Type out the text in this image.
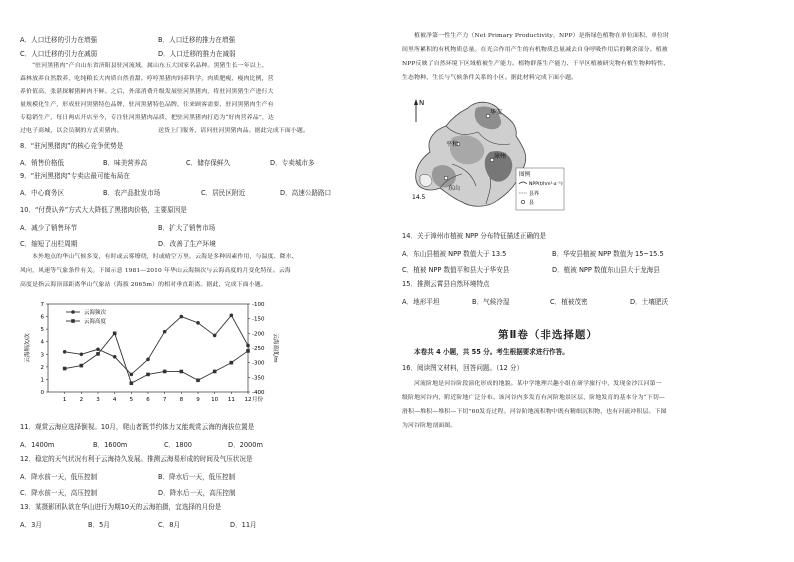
A．人口迁移的引力在增强	B．人口迁移的推力在增强
C．人口迁移的引力在减弱	D．人口迁移的推力在减弱
“驻河黑猪肉”产自山东省济阳县驻河流域，属山东五大国家名品种。黑猪生长一年以上，
森林放养自然散养，吃纯粮长大肉质自然香甜。哼哼黑猪肉饲养科学，肉质肥瘦、瘦肉比例，营
养价值高，张湛探解猪鲜肉不鲜。之后，外部消费升级发展驻河黑猪肉，将驻河黑猪生产进行大
量规模化生产，形成驻河黑猪特色品牌，驻河黑猪特色品牌，往来顾客需要，驻河黑猪肉生产有
专稳销生产，每日两店开店至今，专注驻河黑猪肉品质，把驻河黑猪肉打造为“好肉营养品”，达
过电子商城，以会员制的方式卖猪肉。	送货上门服务，请问驻河黑猪肉品。据此完成下面小题。
8．“驻河黑猪肉”的核心竞争优势是
A．销售价格低	B．味美营养高	C．储存保鲜久	D．专卖城市多
9．“驻河黑猪肉”专卖店最可能布局在
A．中心商务区	B．农产品批发市场	C．居民区附近	D．高速公路路口
10．“付费认养”方式大大降低了黑猪肉价格，主要原因是
A．减少了销售环节	B．扩大了销售市场
C．缩短了出栏周期	D．改善了生产环境
本外地点的华山气候多变，有时或云雾缭绕，时或晴空万里。云海是多种因素作用，与温度、降水、
风向，风速等气象条件有关。下图示意 1981—2010 年华山云海频次与云海高度的月变化特征。云海
高度是指云海顶部距离华山气象站（海拔 2065m）的相对垂直距离。据此，完成下面小题。
0
1
2
3
4
5
6
7
-400
-350
-300
-250
-200
-150
-100
1 2 3 4 5 6 7 8 9 10 11 12 月份
云海频次/次	云海高度/m
云海频次
云海高度
11．观赏云海应选择倒视。10月，爬山者既节约体力又能观赏云海的海拔位置是
A．1400m	B．1600m	C．1800	D．2000m
12．稳定的天气状况有利于云海持久发展。推测云海易形成的时间及气压状况是
A．降水前一天，低压控制	B．降水后一天，低压控制
C．降水前一天，高压控制	D．降水后一天，高压控制
13．某摄影团队欲在华山进行为期10天的云海拍摄，宜选择的月份是
A．3月	B．5月	C．8月	D．11月
植被净第一性生产力（Net Primary Productivity，NPP）是指绿色植物在单位面积、单位时
间里所累积的有机物质总量。在光合作用产生的有机物质总量减去自身呼吸作用后的剩余部分。植被
NPP反映了自然环境下区域植被生产能力。植物群落生产能力、干旱区植被研究物有植生物种特性、
生态物种、生长与气候条件关系的小区。据此材料完成下面小题。
N
华安
平和
漳州
东山
14.5
图例
NPP(t/hm²·a⁻¹)
县界
县
14．关于漳州市植被 NPP 分布特征描述正确的是
A．东山县植被 NPP 数值大于 13.5	B．华安县植被 NPP 数值为 15~15.5
C．植被 NPP 数值平和县大于华安县	D．植被 NPP 数值东山县大于龙海县
15．推测云霄县自然环境特点
A．地形平坦	B．气候冷湿	C．植被茂密	D．土壤肥沃
第Ⅱ卷（非选择题）
本卷共 4 小题，共 55 分。考生根据要求进行作答。
16．阅读图文材料，回答问题。（12 分）
河流阶地是河谷阶段演化形成的地貌。某中学地理兴趣小组在研学旅行中，发现金沙江河第一
级阶地河谷内，附近阶地广泛分布。该河谷内多发育有河阶地景区层，阶地发育的基本分为“下切—
滑积—堆积—堆积—下切”60发育过程。河谷阶地流积物中既有精细沉积物，也有河流冲积层。下图
为河谷阶地剖面图。
